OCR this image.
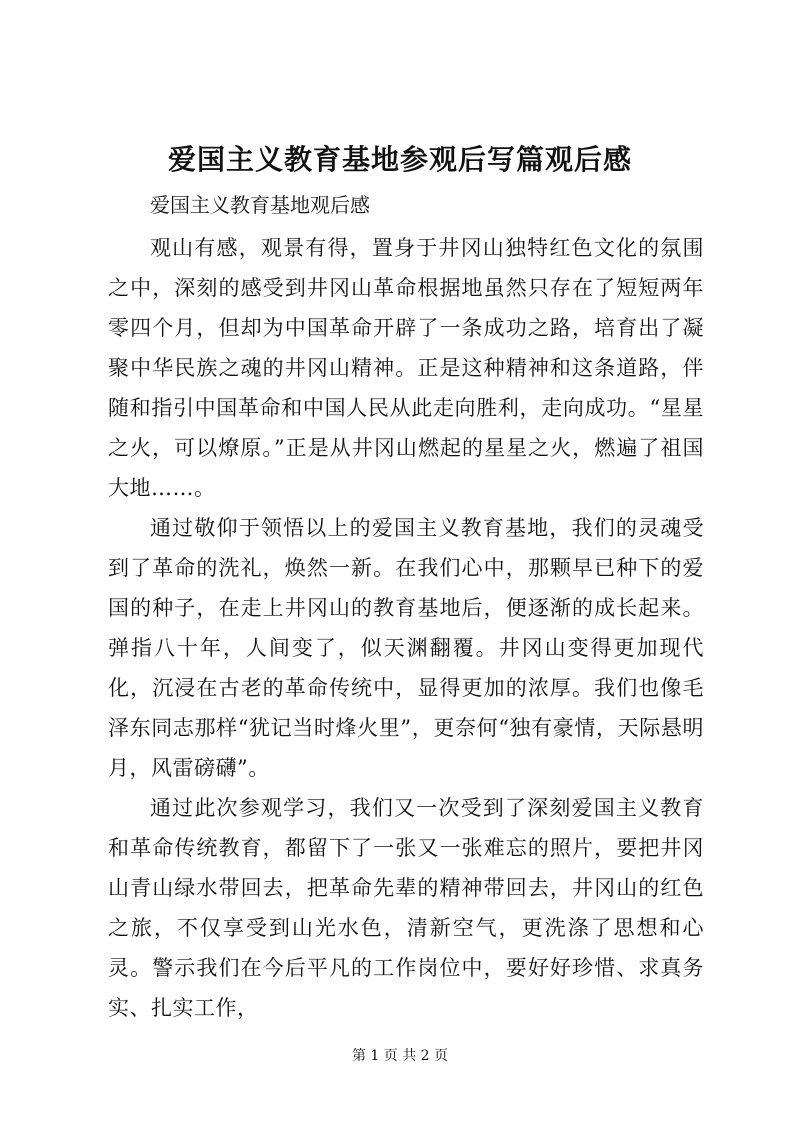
爱国主义教育基地参观后写篇观后感
爱国主义教育基地观后感

观山有感，观景有得，置身于井冈山独特红色文化的氛围之中，深刻的感受到井冈山革命根据地虽然只存在了短短两年零四个月，但却为中国革命开辟了一条成功之路，培育出了凝聚中华民族之魂的井冈山精神。正是这种精神和这条道路，伴随和指引中国革命和中国人民从此走向胜利，走向成功。“星星之火，可以燎原。”正是从井冈山燃起的星星之火，燃遍了祖国大地……。

通过敬仰于领悟以上的爱国主义教育基地，我们的灵魂受到了革命的洗礼，焕然一新。在我们心中，那颗早已种下的爱国的种子，在走上井冈山的教育基地后，便逐渐的成长起来。弹指八十年，人间变了，似天渊翻覆。井冈山变得更加现代化，沉浸在古老的革命传统中，显得更加的浓厚。我们也像毛泽东同志那样“犹记当时烽火里”，更奈何“独有豪情，天际悬明月，风雷磅礴”。

通过此次参观学习，我们又一次受到了深刻爱国主义教育和革命传统教育，都留下了一张又一张难忘的照片，要把井冈山青山绿水带回去，把革命先辈的精神带回去，井冈山的红色之旅，不仅享受到山光水色，清新空气，更洗涤了思想和心灵。警示我们在今后平凡的工作岗位中，要好好珍惜、求真务实、扎实工作，

第 1 页 共 2 页
